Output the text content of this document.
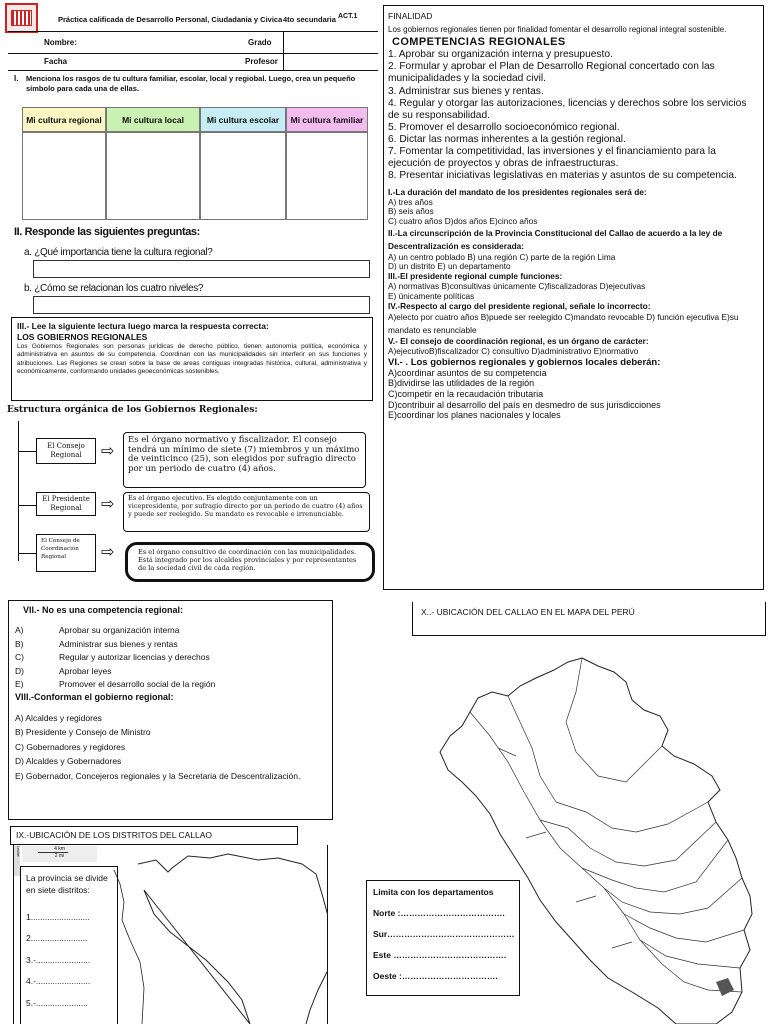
Práctica calificada de Desarrollo Personal, Ciudadania y Civica 4to secundaria ACT.1
Nombre:	Grado
Facha	Profesor
I. Menciona los rasgos de tu cultura familiar, escolar, local y regiobal. Luego, crea un pequeño símbolo para cada una de ellas.
Mi cultura regional	Mi cultura local	Mi cultura escolar	Mi cultura familiar
II. Responde las siguientes preguntas:
a. ¿Qué importancia tiene la cultura regional?
b. ¿Cómo se relacionan los cuatro niveles?
III.- Lee la siguiente lectura luego marca la respuesta correcta:
LOS GOBIERNOS REGIONALES
Los Gobiernos Regionales son personas jurídicas de derecho público, tienen autonomía política, económica y administrativa en asuntos de su competencia. Coordinan con las municipalidades sin interferir en sus funciones y atribuciones. Las Regiones se crean sobre la base de areas contiguas integradas histórica, cultural, administrativa y económicamente, conformando unidades geoeconómicas sostenibles.
Estructura orgánica de los Gobiernos Regionales:
El Consejo Regional	⇨
Es el órgano normativo y fiscalizador. El consejo tendrá un mínimo de siete (7) miembros y un máximo de veinticinco (25), son elegidos por sufragio directo por un periodo de cuatro (4) años.
El Presidente Regional	⇨	Es el órgano ejecutivo. Es elegido conjuntamente con un vicepresidente, por sufragio directo por un período de cuatro (4) años y puede ser reelegido. Su mandato es revocable e irrenunciable.
El Consejo de Coordinación Regional	⇨	Es el órgano consultivo de coordinación con las municipalidades. Está integrado por los alcaldes provinciales y por representantes de la sociedad civil de cada región.

FINALIDAD

Los gobiernos regionales tienen por finalidad fomentar el desarrollo regional integral sostenible.

COMPETENCIAS REGIONALES

1. Aprobar su organización interna y presupuesto.

2. Formular y aprobar el Plan de Desarrollo Regional concertado con las municipalidades y la sociedad civil.

3. Administrar sus bienes y rentas.

4. Regular y otorgar las autorizaciones, licencias y derechos sobre los servicios de su responsabilidad.

5. Promover el desarrollo socioeconómico regional.

6. Dictar las normas inherentes a la gestión regional.

7. Fomentar la competitividad, las inversiones y el financiamiento para la ejecución de proyectos y obras de infraestructuras.

8. Presentar iniciativas legislativas en materias y asuntos de su competencia.

I.-La duración del mandato de los presidentes regionales será de:

A) tres años

B) seis años

C) cuatro años D)dos años E)cinco años

II.-La circunscripción de la Provincia Constitucional del Callao de acuerdo a la ley de Descentralización es considerada:

A) un centro poblado B) una región C) parte de la región Lima

D) un distrito E) un departamento

III.-El presidente regional cumple funciones:

A) normativas B)consultivas únicamente C)fiscalizadoras D)ejecutivas

E) únicamente políticas

IV.-Respecto al cargo del presidente regional, señale lo incorrecto:

A)electo por cuatro años B)puede ser reelegido C)mandato revocable D) función ejecutiva E)su mandato es renunciable

V.- El consejo de coordinación regional, es un órgano de carácter:

A)ejecutivoB)fiscalizador C) consultivo D)administrativo E)normativo

VI.- . Los gobiernos regionales y gobiernos locales deberán:

A)coordinar asuntos de su competencia

B)dividirse las utilidades de la región

C)competir en la recaudación tributaria

D)contribuir al desarrollo del país en desmedro de sus jurisdicciones

E)coordinar los planes nacionales y locales

VII.- No es una competencia regional:
A)	Aprobar su organización interna
B)	Administrar sus bienes y rentas
C)	Regular y autorizar licencias y derechos
D)	Aprobar leyes
E)	Promover el desarrollo social de la región
VIII.-Conforman el gobierno regional:
A) Alcaldes y regidores
B) Presidente y Consejo de Ministro
C) Gobernadores y regidores
D) Alcaldes y Gobernadores
E) Gobernador, Concejeros regionales y la Secretaria de Descentralización.
IX.-UBICACIÓN DE LOS DISTRITOS DEL CALLAO
4 km
2 mi
Leaflet
La provincia se divide en siete distritos:
1.........................
2........................
3.-.......................
4.-.......................
5.-......................
X..- UBICACIÓN DEL CALLAO EN EL MAPA DEL PERÚ
Limita con los departamentos
Norte :……………………………….
Sur………………………………………
Este ………………………………….
Oeste :…………………………….
